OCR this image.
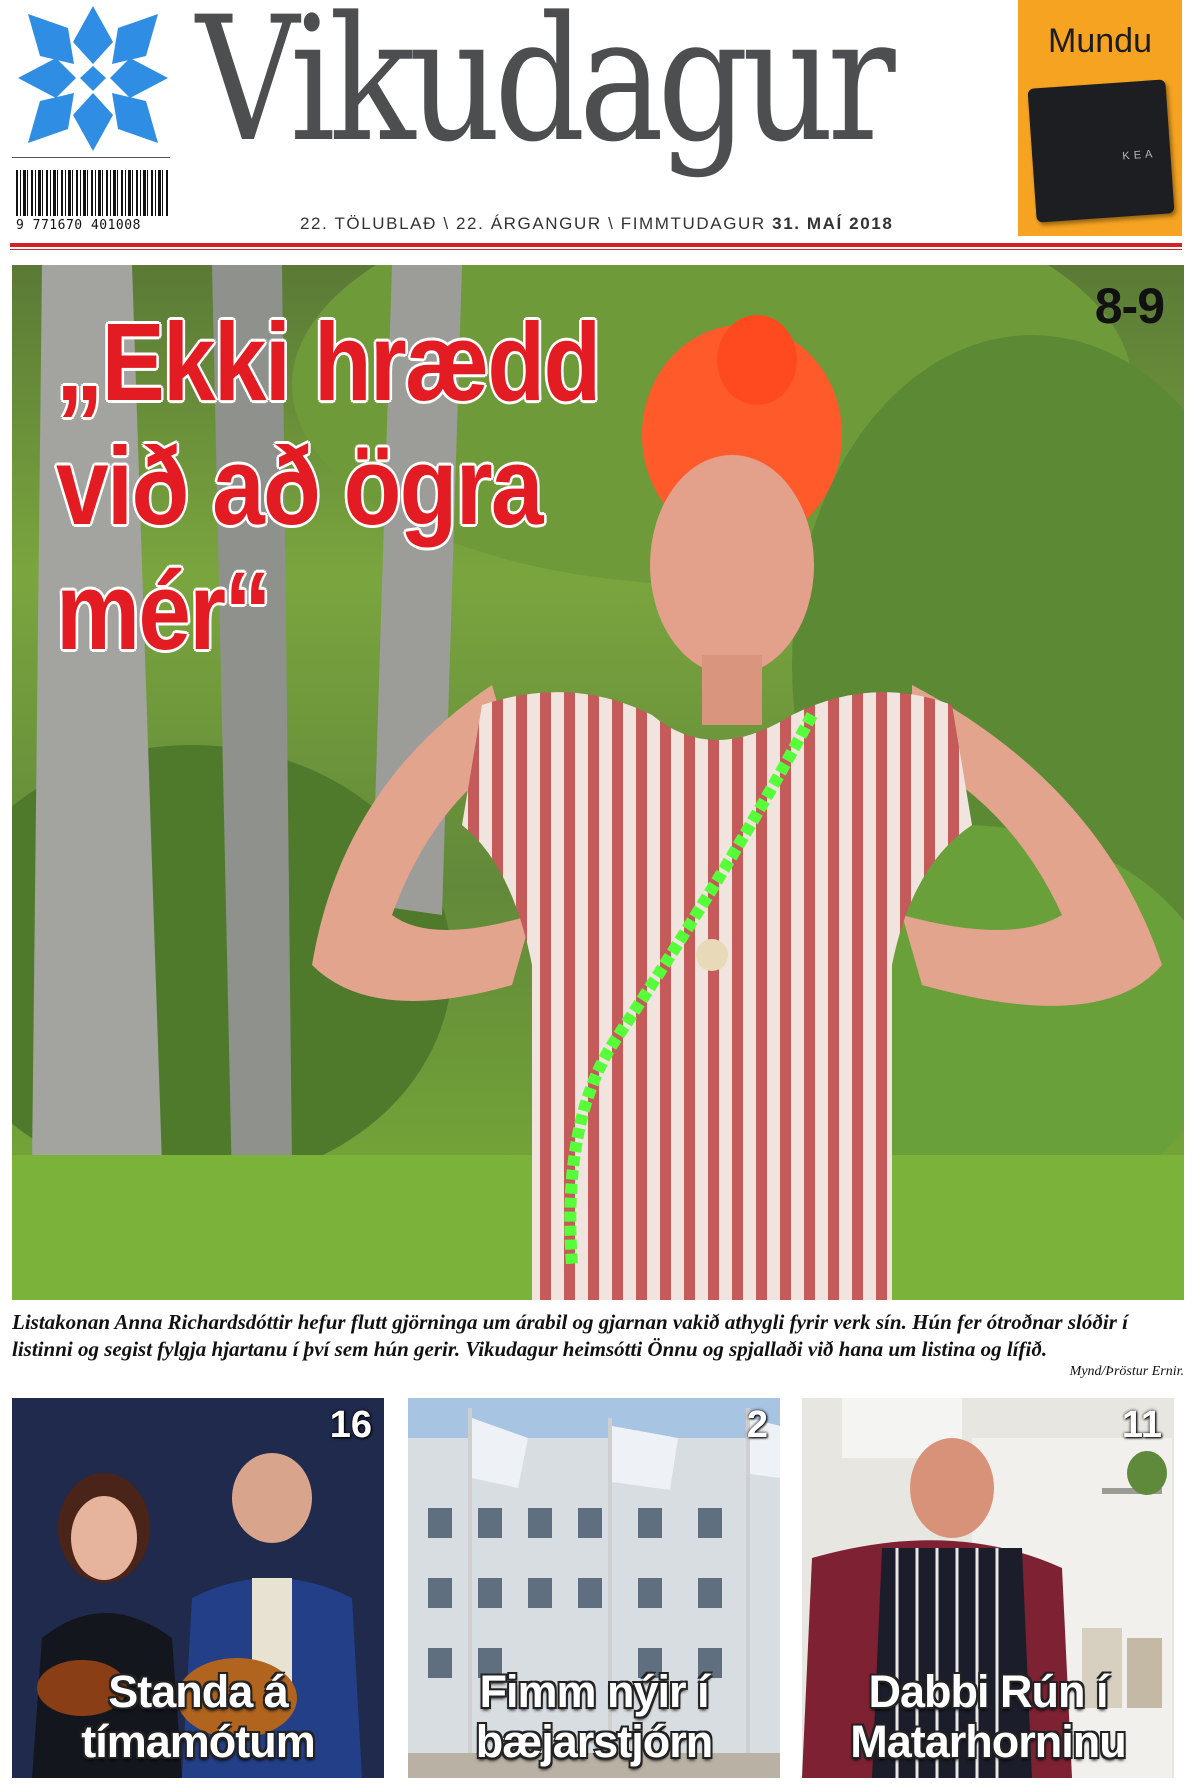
9 771670 401008
Vikudagur
22. TÖLUBLAÐ \ 22. ÁRGANGUR \ FIMMTUDAGUR 31. MAÍ 2018
Mundu
KEA
8-9
„Ekki hrædd við að ögra mér“
Listakonan Anna Richardsdóttir hefur flutt gjörninga um árabil og gjarnan vakið athygli fyrir verk sín. Hún fer ótroðnar slóðir í listinni og segist fylgja hjartanu í því sem hún gerir. Vikudagur heimsótti Önnu og spjallaði við hana um listina og lífið.
Mynd/Þröstur Ernir.
16
Standa á tímamótum
2
Fimm nýir í bæjarstjórn
11
Dabbi Rún í Matarhorninu
